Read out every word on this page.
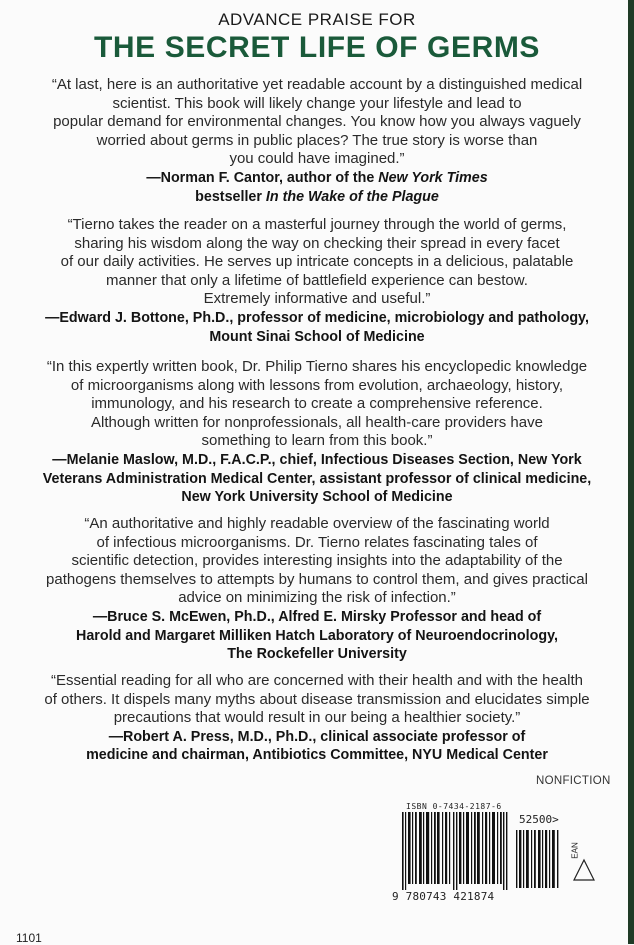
ADVANCE PRAISE FOR
THE SECRET LIFE OF GERMS

“At last, here is an authoritative yet readable account by a distinguished medical

scientist. This book will likely change your lifestyle and lead to

popular demand for environmental changes. You know how you always vaguely

worried about germs in public places? The true story is worse than

you could have imagined.”

—Norman F. Cantor, author of the New York Times

bestseller In the Wake of the Plague

“Tierno takes the reader on a masterful journey through the world of germs,

sharing his wisdom along the way on checking their spread in every facet

of our daily activities. He serves up intricate concepts in a delicious, palatable

manner that only a lifetime of battlefield experience can bestow.

Extremely informative and useful.”

—Edward J. Bottone, Ph.D., professor of medicine, microbiology and pathology,

Mount Sinai School of Medicine

“In this expertly written book, Dr. Philip Tierno shares his encyclopedic knowledge

of microorganisms along with lessons from evolution, archaeology, history,

immunology, and his research to create a comprehensive reference.

Although written for nonprofessionals, all health-care providers have

something to learn from this book.”

—Melanie Maslow, M.D., F.A.C.P., chief, Infectious Diseases Section, New York

Veterans Administration Medical Center, assistant professor of clinical medicine,

New York University School of Medicine

“An authoritative and highly readable overview of the fascinating world

of infectious microorganisms. Dr. Tierno relates fascinating tales of

scientific detection, provides interesting insights into the adaptability of the

pathogens themselves to attempts by humans to control them, and gives practical

advice on minimizing the risk of infection.”

—Bruce S. McEwen, Ph.D., Alfred E. Mirsky Professor and head of

Harold and Margaret Milliken Hatch Laboratory of Neuroendocrinology,

The Rockefeller University

“Essential reading for all who are concerned with their health and with the health

of others. It dispels many myths about disease transmission and elucidates simple

precautions that would result in our being a healthier society.”

—Robert A. Press, M.D., Ph.D., clinical associate professor of

medicine and chairman, Antibiotics Committee, NYU Medical Center

NONFICTION
ISBN 0-7434-2187-6
52500>
EAN
9 780743 421874
1101
